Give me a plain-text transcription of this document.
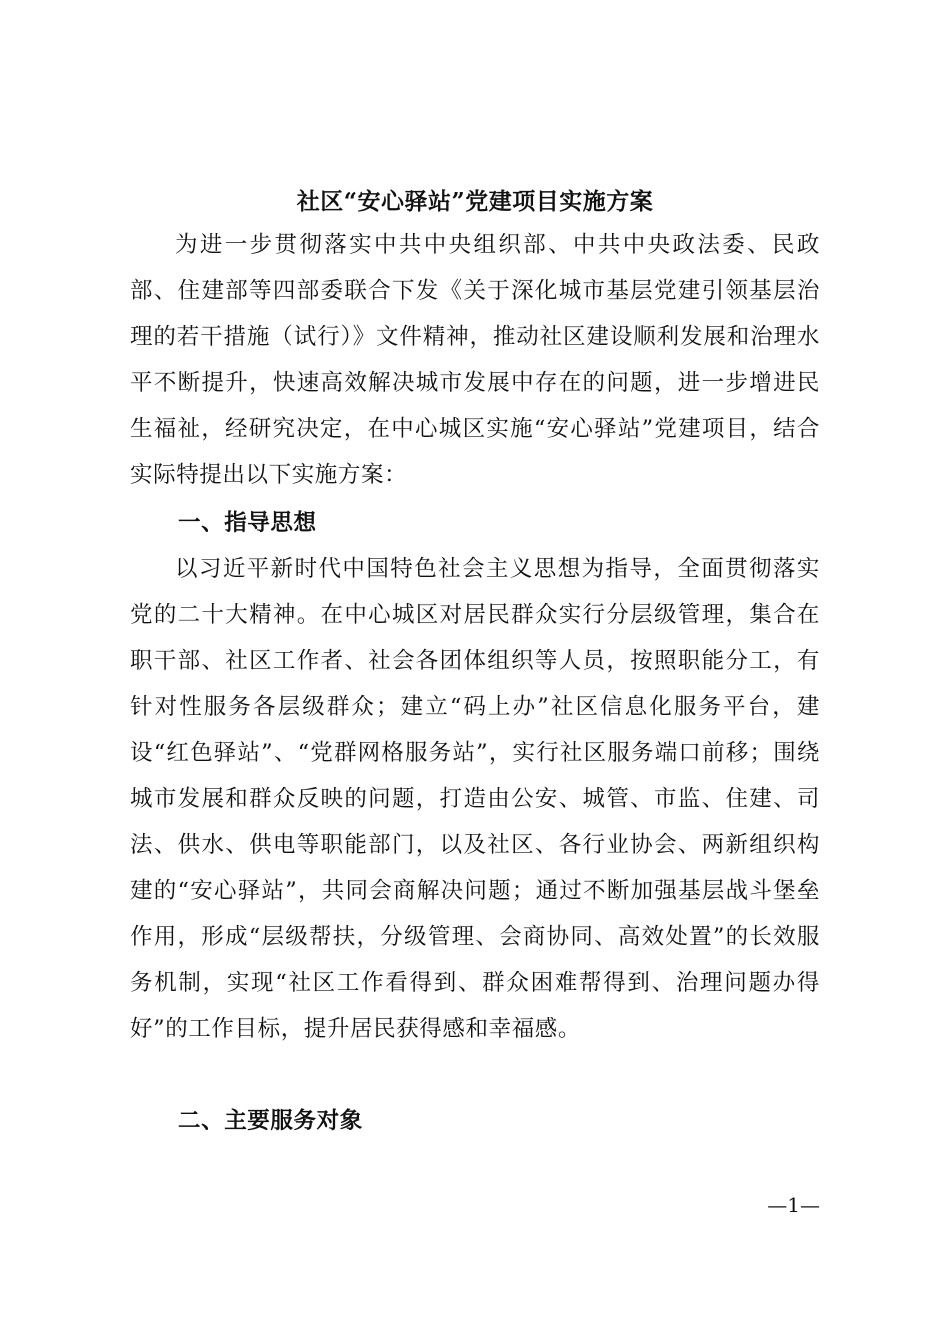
社区“安心驿站”党建项目实施方案
为进一步贯彻落实中共中央组织部、中共中央政法委、民政部、住建部等四部委联合下发《关于深化城市基层党建引领基层治理的若干措施（试行）》文件精神，推动社区建设顺利发展和治理水平不断提升，快速高效解决城市发展中存在的问题，进一步增进民生福祉，经研究决定，在中心城区实施“安心驿站”党建项目，结合实际特提出以下实施方案：
一、指导思想
以习近平新时代中国特色社会主义思想为指导，全面贯彻落实党的二十大精神。在中心城区对居民群众实行分层级管理，集合在职干部、社区工作者、社会各团体组织等人员，按照职能分工，有针对性服务各层级群众；建立“码上办”社区信息化服务平台，建设“红色驿站”、“党群网格服务站”，实行社区服务端口前移；围绕城市发展和群众反映的问题，打造由公安、城管、市监、住建、司法、供水、供电等职能部门，以及社区、各行业协会、两新组织构建的“安心驿站”，共同会商解决问题；通过不断加强基层战斗堡垒作用，形成“层级帮扶，分级管理、会商协同、高效处置”的长效服务机制，实现“社区工作看得到、群众困难帮得到、治理问题办得好”的工作目标，提升居民获得感和幸福感。
二、主要服务对象
—1—
